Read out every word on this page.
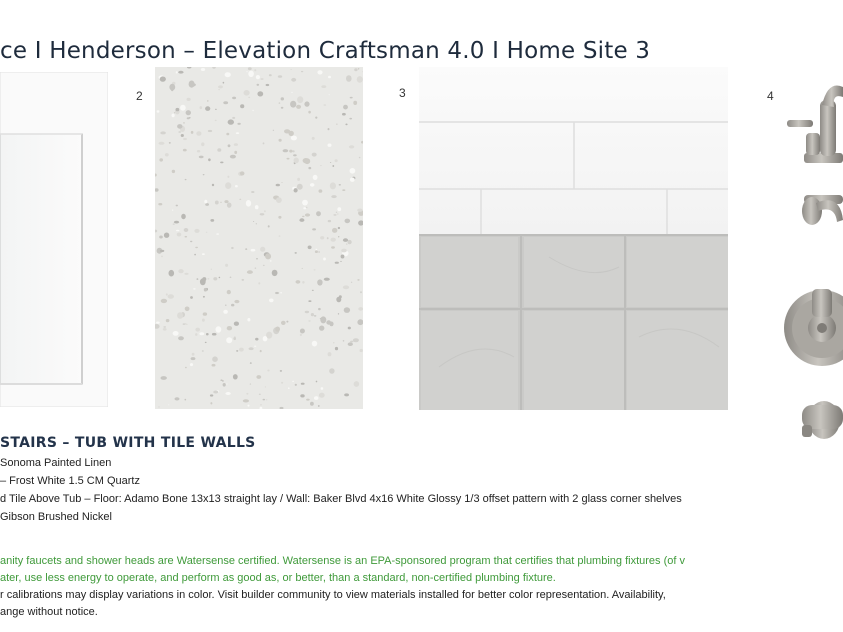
ce I Henderson – Elevation Craftsman 4.0 I Home Site 3
2	3	4
STAIRS – TUB WITH TILE WALLS
Sonoma Painted Linen
– Frost White 1.5 CM Quartz
d Tile Above Tub – Floor: Adamo Bone 13x13 straight lay / Wall: Baker Blvd 4x16 White Glossy 1/3 offset pattern with 2 glass corner shelves
Gibson Brushed Nickel
anity faucets and shower heads are Watersense certified. Watersense is an EPA-sponsored program that certifies that plumbing fixtures (of v
ater, use less energy to operate, and perform as good as, or better, than a standard, non-certified plumbing fixture.
r calibrations may display variations in color. Visit builder community to view materials installed for better color representation. Availability,
ange without notice.
